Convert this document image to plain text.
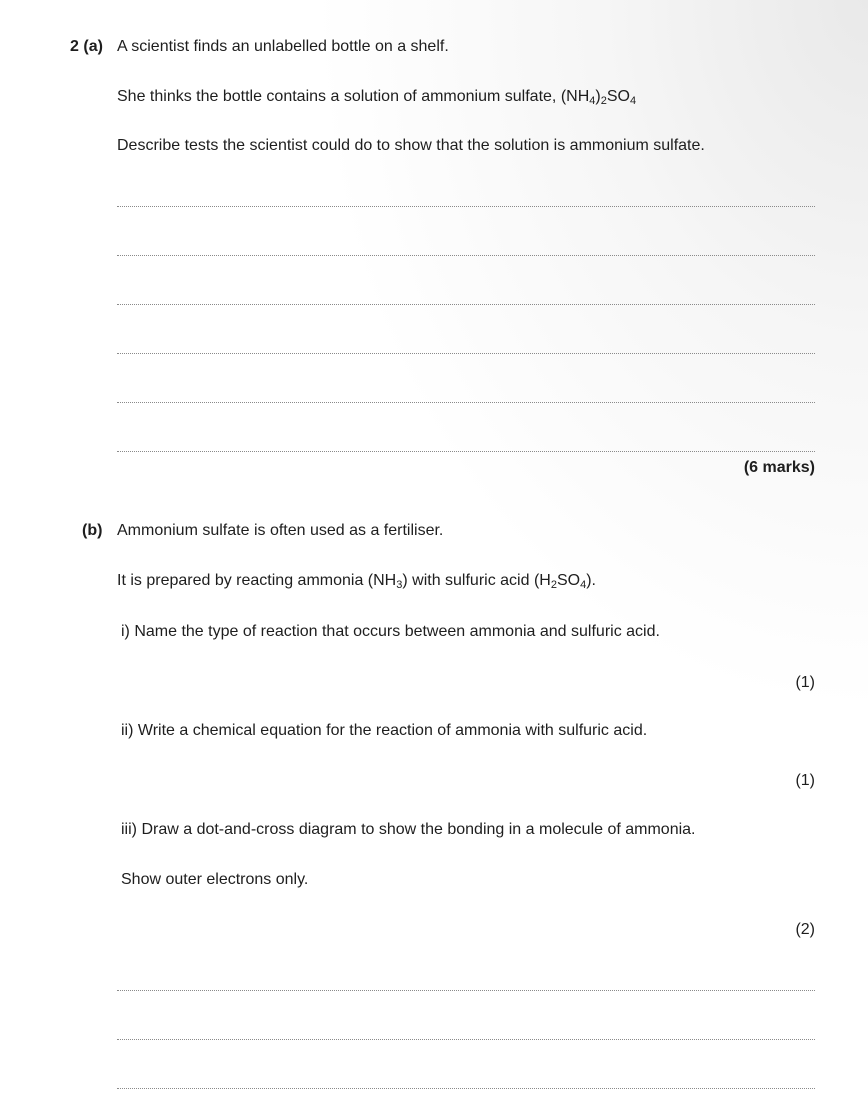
2 (a) A scientist finds an unlabelled bottle on a shelf.
She thinks the bottle contains a solution of ammonium sulfate, $(NH_4)_2SO_4$
Describe tests the scientist could do to show that the solution is ammonium sulfate.
(6 marks)
(b) Ammonium sulfate is often used as a fertiliser.
It is prepared by reacting ammonia $(NH_3)$ with sulfuric acid $(H_2SO_4)$.
i) Name the type of reaction that occurs between ammonia and sulfuric acid.
(1)
ii) Write a chemical equation for the reaction of ammonia with sulfuric acid.
(1)
iii) Draw a dot-and-cross diagram to show the bonding in a molecule of ammonia.
Show outer electrons only.
(2)
